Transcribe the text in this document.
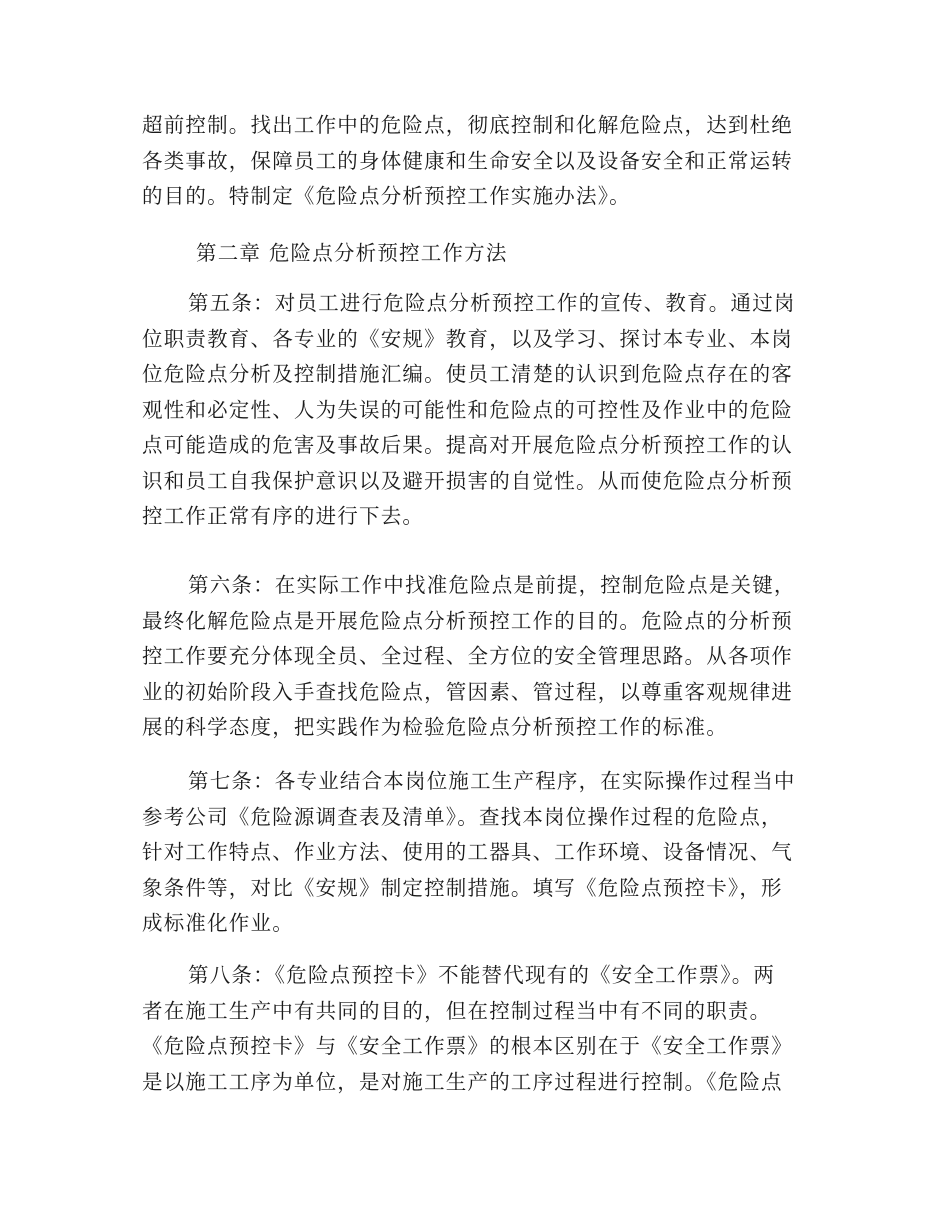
超前控制。找出工作中的危险点，彻底控制和化解危险点，达到杜绝
各类事故，保障员工的身体健康和生命安全以及设备安全和正常运转
的目的。特制定《危险点分析预控工作实施办法》。
第二章 危险点分析预控工作方法
第五条：对员工进行危险点分析预控工作的宣传、教育。通过岗
位职责教育、各专业的《安规》教育，以及学习、探讨本专业、本岗
位危险点分析及控制措施汇编。使员工清楚的认识到危险点存在的客
观性和必定性、人为失误的可能性和危险点的可控性及作业中的危险
点可能造成的危害及事故后果。提高对开展危险点分析预控工作的认
识和员工自我保护意识以及避开损害的自觉性。从而使危险点分析预
控工作正常有序的进行下去。
第六条：在实际工作中找准危险点是前提，控制危险点是关键，
最终化解危险点是开展危险点分析预控工作的目的。危险点的分析预
控工作要充分体现全员、全过程、全方位的安全管理思路。从各项作
业的初始阶段入手查找危险点，管因素、管过程，以尊重客观规律进
展的科学态度，把实践作为检验危险点分析预控工作的标准。
第七条：各专业结合本岗位施工生产程序，在实际操作过程当中
参考公司《危险源调查表及清单》。查找本岗位操作过程的危险点，
针对工作特点、作业方法、使用的工器具、工作环境、设备情况、气
象条件等，对比《安规》制定控制措施。填写《危险点预控卡》，形
成标准化作业。
第八条：《危险点预控卡》不能替代现有的《安全工作票》。两
者在施工生产中有共同的目的，但在控制过程当中有不同的职责。
《危险点预控卡》与《安全工作票》的根本区别在于《安全工作票》
是以施工工序为单位，是对施工生产的工序过程进行控制。《危险点
